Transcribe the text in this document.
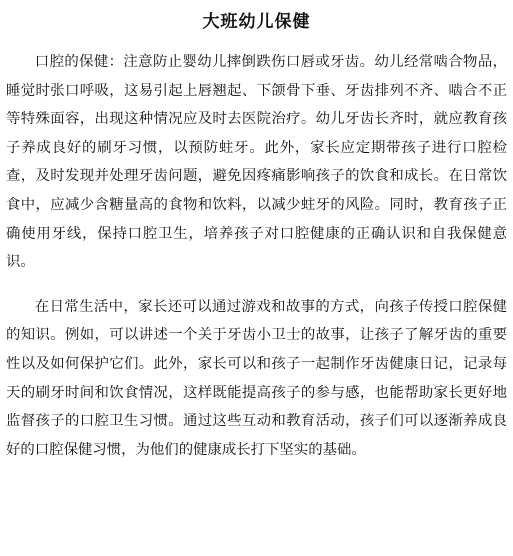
大班幼儿保健

口腔的保健：注意防止婴幼儿摔倒跌伤口唇或牙齿。幼儿经常啮合物品，睡觉时张口呼吸，这易引起上唇翘起、下颌骨下垂、牙齿排列不齐、啮合不正等特殊面容，出现这种情况应及时去医院治疗。幼儿牙齿长齐时，就应教育孩子养成良好的刷牙习惯，以预防蛀牙。此外，家长应定期带孩子进行口腔检查，及时发现并处理牙齿问题，避免因疼痛影响孩子的饮食和成长。在日常饮食中，应减少含糖量高的食物和饮料，以减少蛀牙的风险。同时，教育孩子正确使用牙线，保持口腔卫生，培养孩子对口腔健康的正确认识和自我保健意识。

在日常生活中，家长还可以通过游戏和故事的方式，向孩子传授口腔保健的知识。例如，可以讲述一个关于牙齿小卫士的故事，让孩子了解牙齿的重要性以及如何保护它们。此外，家长可以和孩子一起制作牙齿健康日记，记录每天的刷牙时间和饮食情况，这样既能提高孩子的参与感，也能帮助家长更好地监督孩子的口腔卫生习惯。通过这些互动和教育活动，孩子们可以逐渐养成良好的口腔保健习惯，为他们的健康成长打下坚实的基础。
